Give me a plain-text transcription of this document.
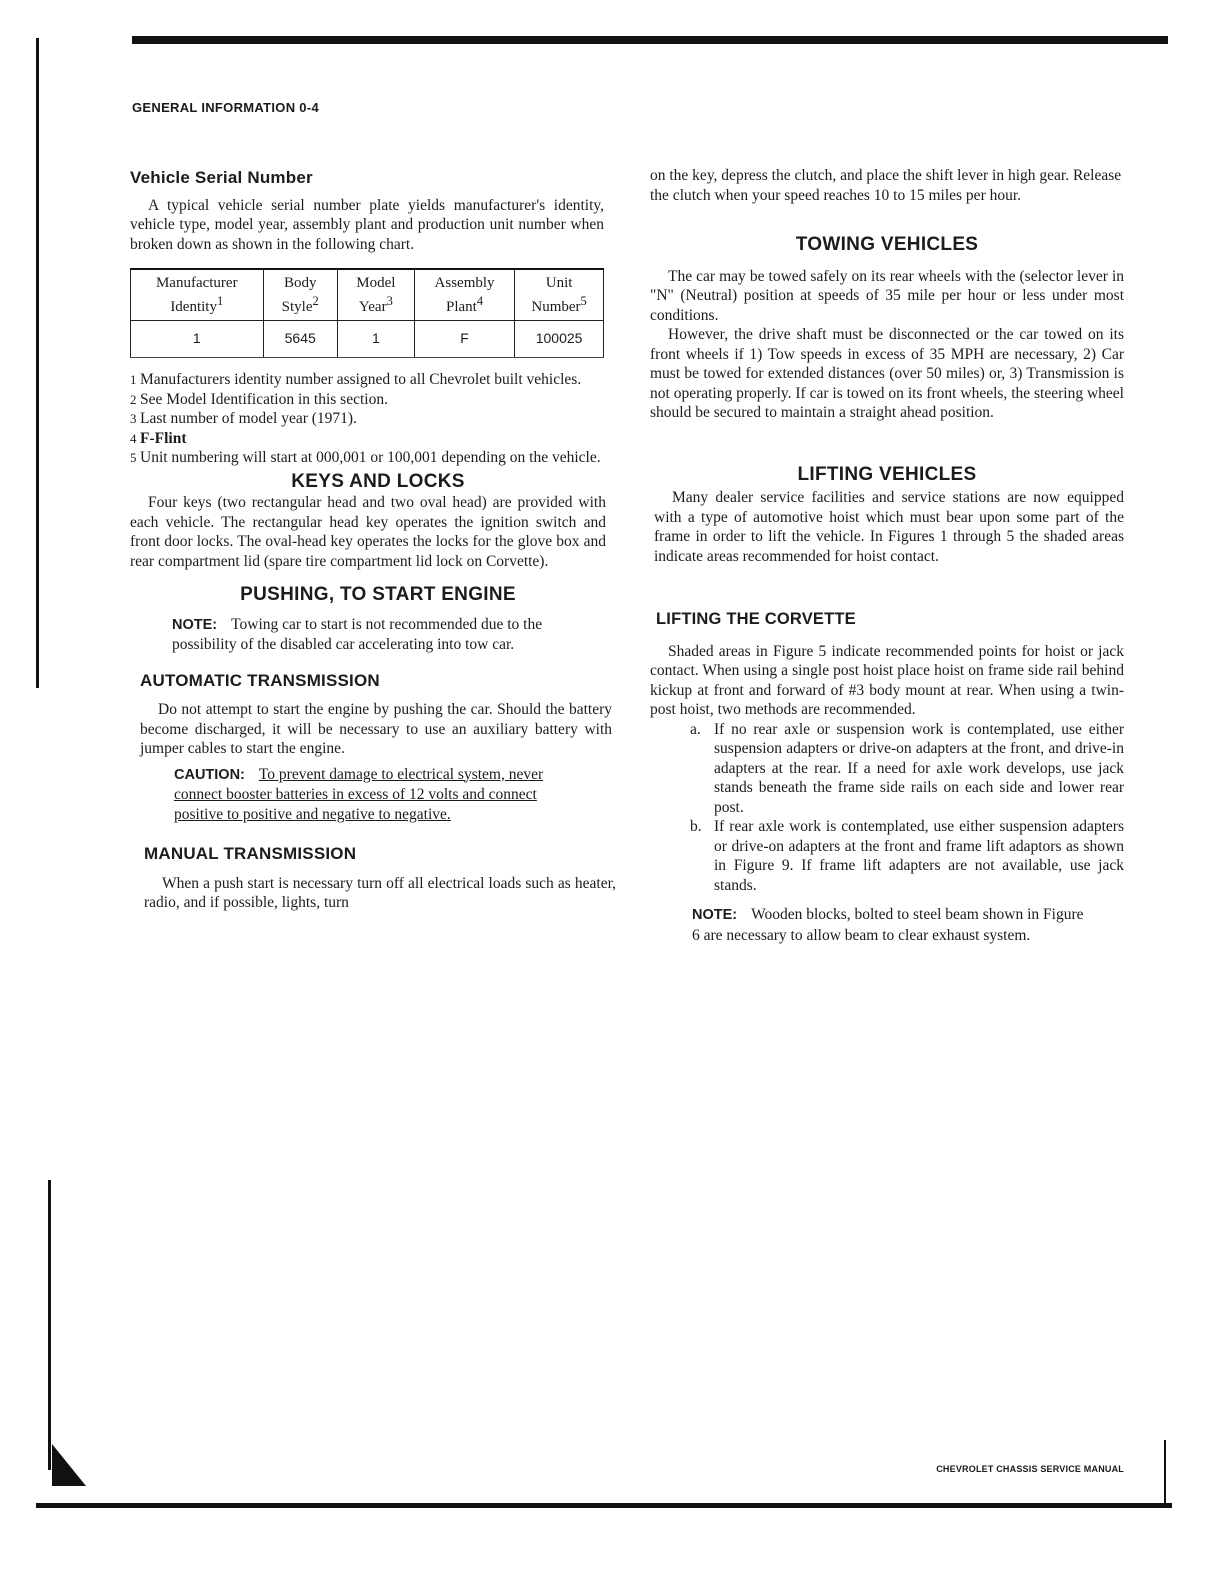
GENERAL INFORMATION 0-4
Vehicle Serial Number

A typical vehicle serial number plate yields manufacturer's identity, vehicle type, model year, assembly plant and production unit number when broken down as shown in the following chart.

Manufacturer Identity$^1$	Body Style$^2$	Model Year$^3$	Assembly Plant$^4$	Unit Number$^5$
1	5645	1	F	100025
1 Manufacturers identity number assigned to all Chevrolet built vehicles.
2 See Model Identification in this section.
3 Last number of model year (1971).
4 F-Flint
5 Unit numbering will start at 000,001 or 100,001 depending on the vehicle.
KEYS AND LOCKS

Four keys (two rectangular head and two oval head) are provided with each vehicle. The rectangular head key operates the ignition switch and front door locks. The oval-head key operates the locks for the glove box and rear compartment lid (spare tire compartment lid lock on Corvette).

PUSHING, TO START ENGINE

NOTE: Towing car to start is not recommended due to the possibility of the disabled car accelerating into tow car.

AUTOMATIC TRANSMISSION

Do not attempt to start the engine by pushing the car. Should the battery become discharged, it will be necessary to use an auxiliary battery with jumper cables to start the engine.

CAUTION: To prevent damage to electrical system, never connect booster batteries in excess of 12 volts and connect positive to positive and negative to negative.

MANUAL TRANSMISSION

When a push start is necessary turn off all electrical loads such as heater, radio, and if possible, lights, turn

on the key, depress the clutch, and place the shift lever in high gear. Release the clutch when your speed reaches 10 to 15 miles per hour.

TOWING VEHICLES

The car may be towed safely on its rear wheels with the (selector lever in "N" (Neutral) position at speeds of 35 mile per hour or less under most conditions.

However, the drive shaft must be disconnected or the car towed on its front wheels if 1) Tow speeds in excess of 35 MPH are necessary, 2) Car must be towed for extended distances (over 50 miles) or, 3) Transmission is not operating properly. If car is towed on its front wheels, the steering wheel should be secured to maintain a straight ahead position.

LIFTING VEHICLES

Many dealer service facilities and service stations are now equipped with a type of automotive hoist which must bear upon some part of the frame in order to lift the vehicle. In Figures 1 through 5 the shaded areas indicate areas recommended for hoist contact.

LIFTING THE CORVETTE

Shaded areas in Figure 5 indicate recommended points for hoist or jack contact. When using a single post hoist place hoist on frame side rail behind kickup at front and forward of #3 body mount at rear. When using a twin-post hoist, two methods are recommended.

a. If no rear axle or suspension work is contemplated, use either suspension adapters or drive-on adapters at the front, and drive-in adapters at the rear. If a need for axle work develops, use jack stands beneath the frame side rails on each side and lower rear post.
b. If rear axle work is contemplated, use either suspension adapters or drive-on adapters at the front and frame lift adaptors as shown in Figure 9. If frame lift adapters are not available, use jack stands.

NOTE: Wooden blocks, bolted to steel beam shown in Figure 6 are necessary to allow beam to clear exhaust system.

CHEVROLET CHASSIS SERVICE MANUAL
